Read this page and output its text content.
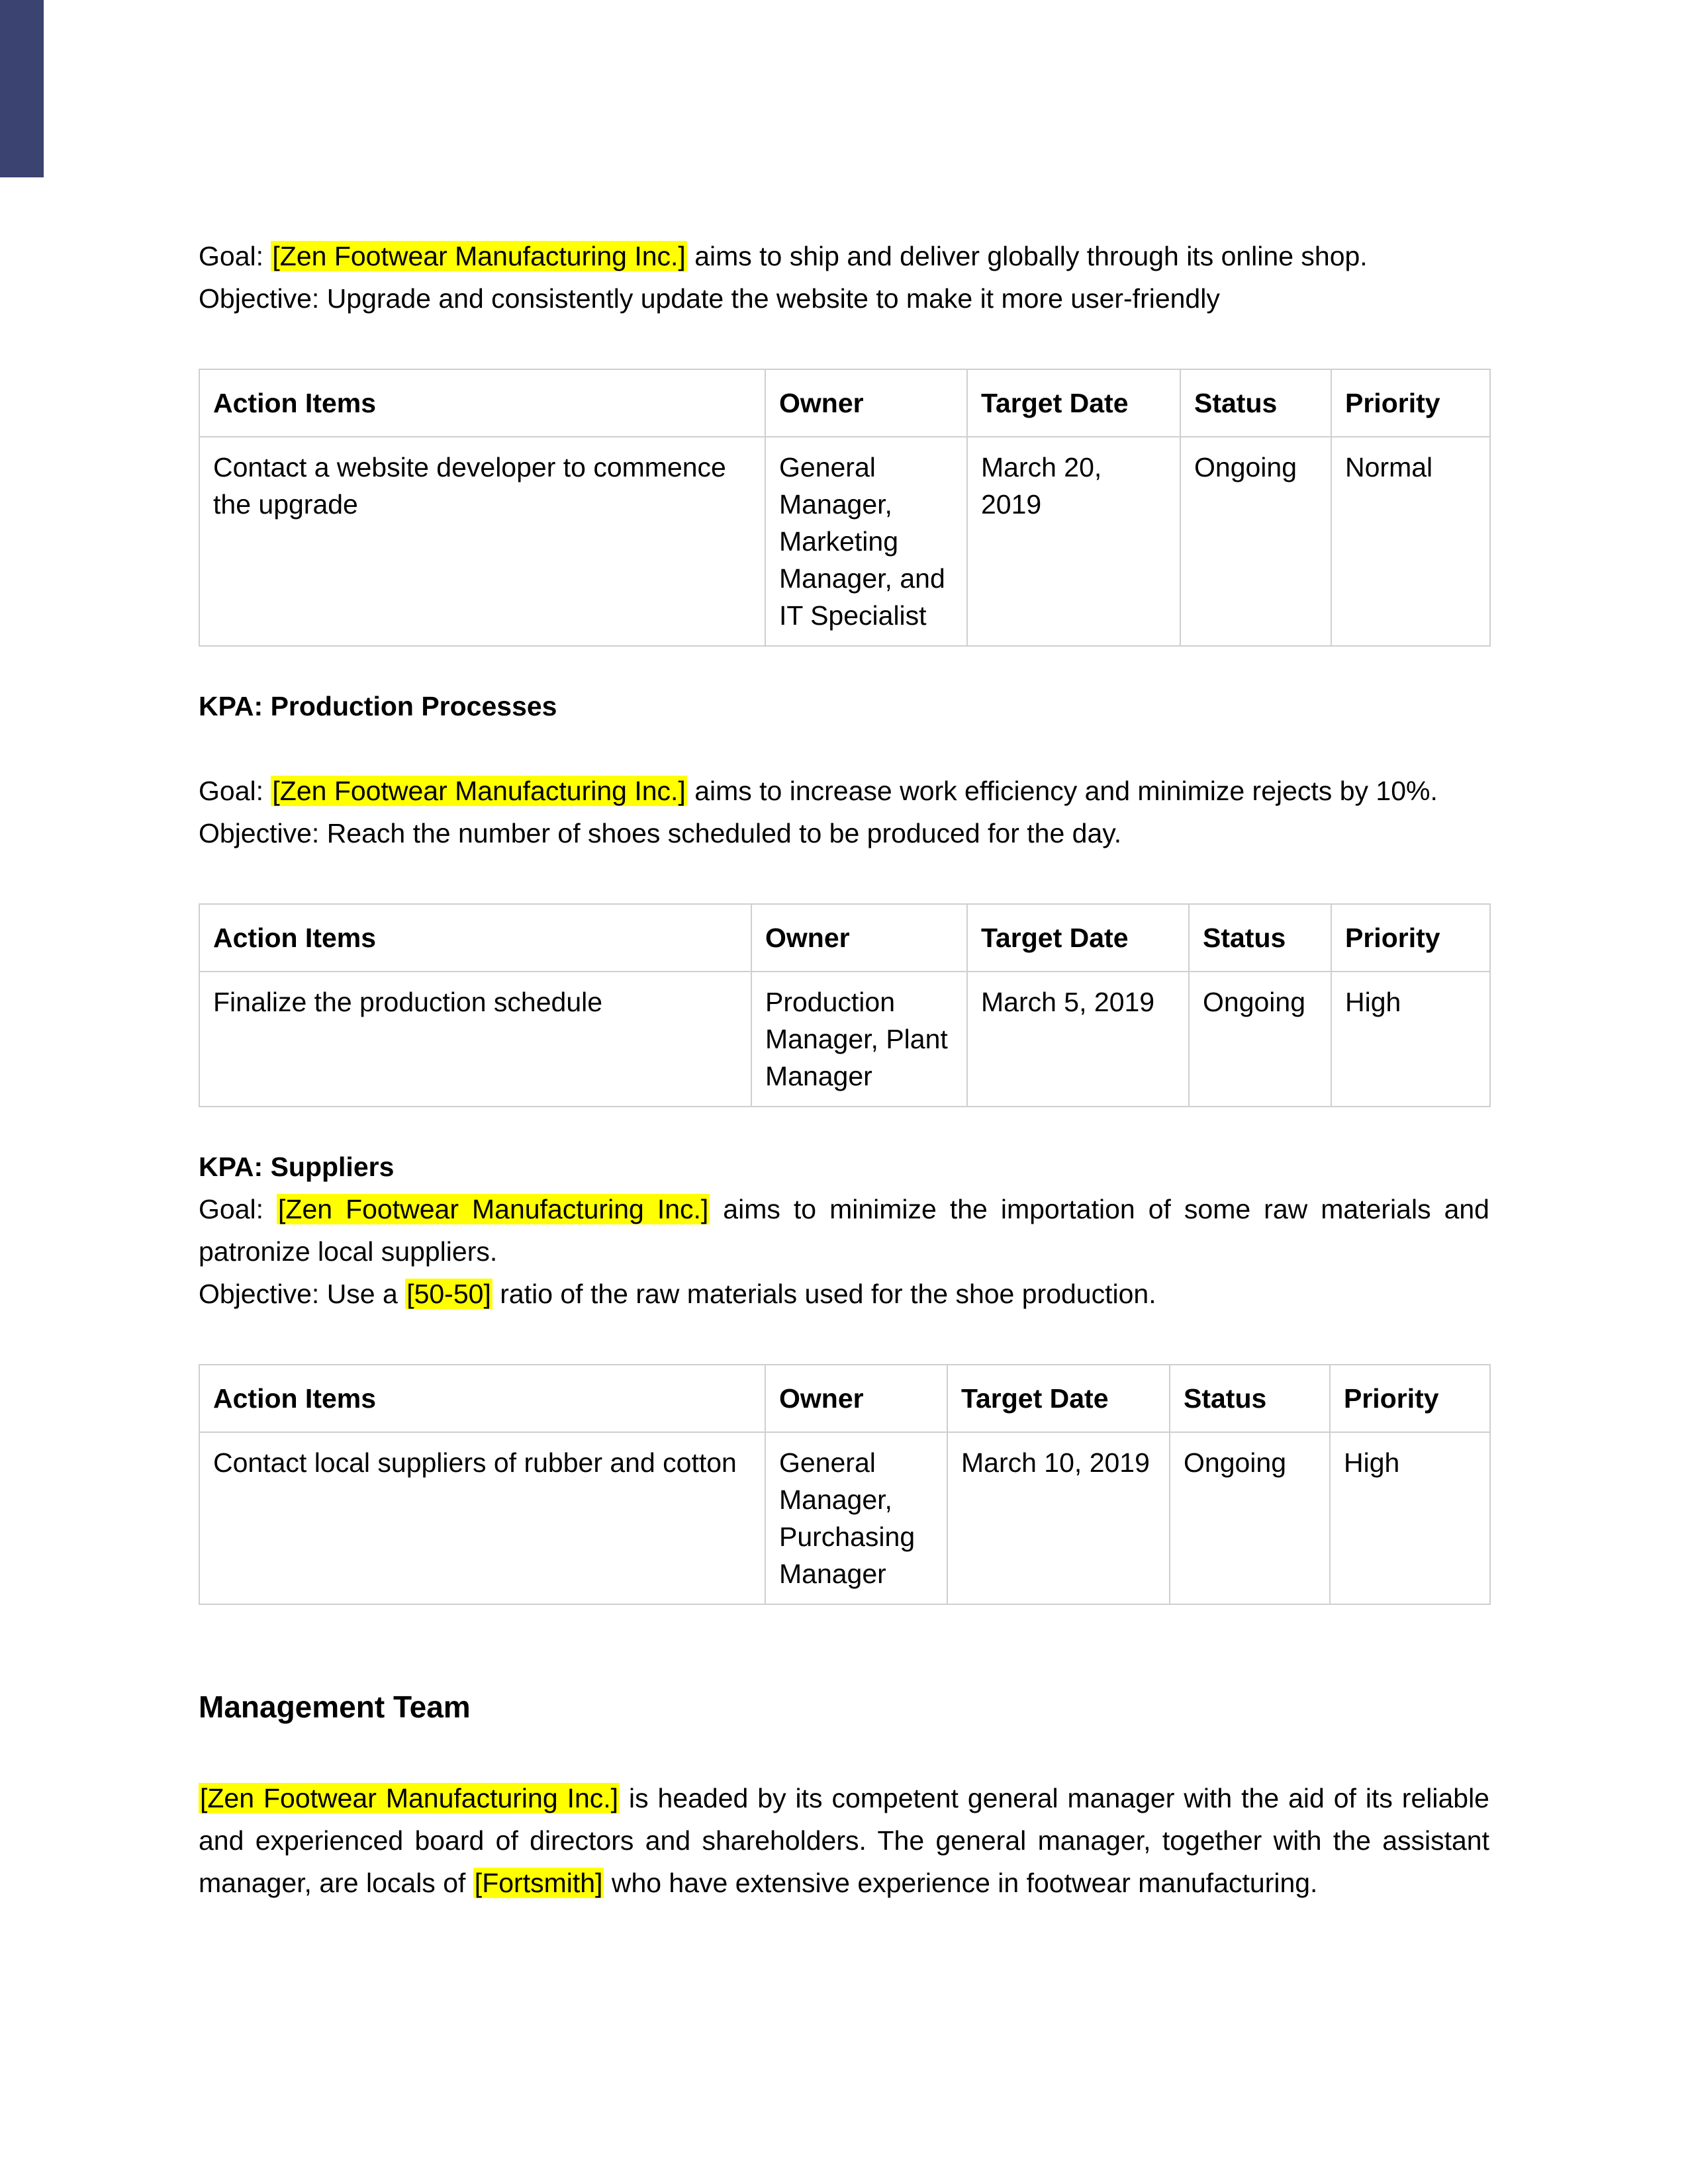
Goal: [Zen Footwear Manufacturing Inc.] aims to ship and deliver globally through its online shop.

Objective: Upgrade and consistently update the website to make it more user-friendly

Action Items	Owner	Target Date	Status	Priority
Contact a website developer to commence the upgrade	General Manager, Marketing Manager, and IT Specialist	March 20, 2019	Ongoing	Normal
KPA: Production Processes

Goal: [Zen Footwear Manufacturing Inc.] aims to increase work efficiency and minimize rejects by 10%.

Objective: Reach the number of shoes scheduled to be produced for the day.

Action Items	Owner	Target Date	Status	Priority
Finalize the production schedule	Production Manager, Plant Manager	March 5, 2019	Ongoing	High
KPA: Suppliers

Goal: [Zen Footwear Manufacturing Inc.] aims to minimize the importation of some raw materials and patronize local suppliers.

Objective: Use a [50-50] ratio of the raw materials used for the shoe production.

Action Items	Owner	Target Date	Status	Priority
Contact local suppliers of rubber and cotton	General Manager, Purchasing Manager	March 10, 2019	Ongoing	High
Management Team

[Zen Footwear Manufacturing Inc.] is headed by its competent general manager with the aid of its reliable and experienced board of directors and shareholders. The general manager, together with the assistant manager, are locals of [Fortsmith] who have extensive experience in footwear manufacturing.
